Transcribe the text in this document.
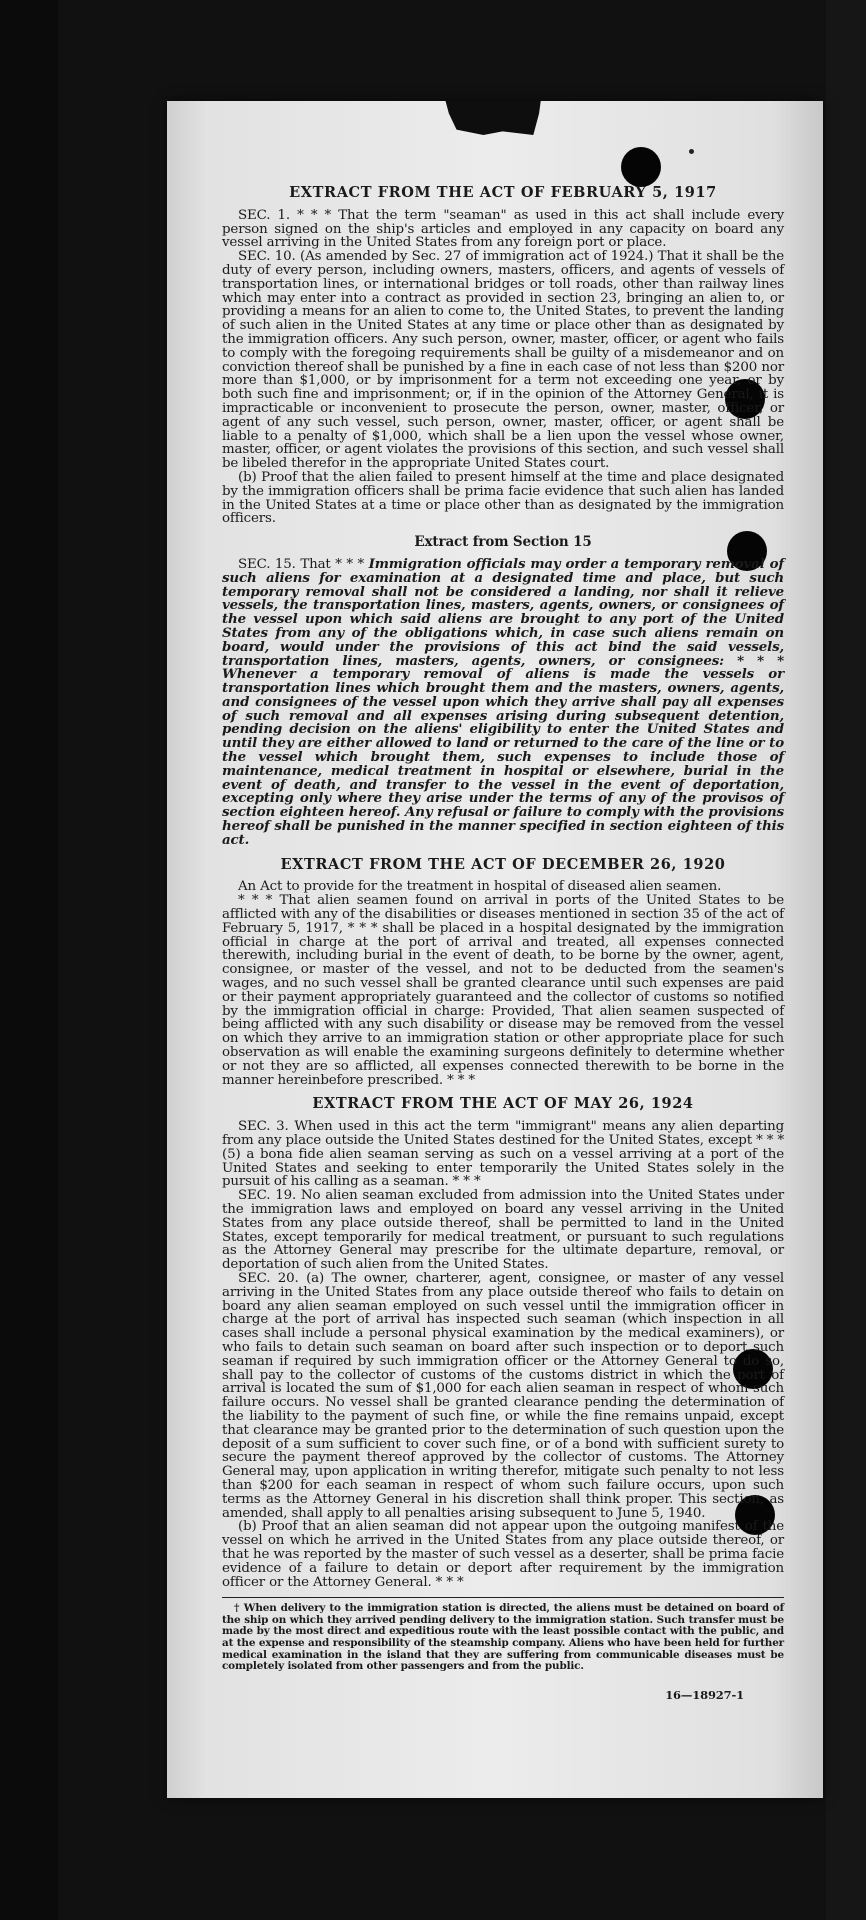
EXTRACT FROM THE ACT OF FEBRUARY 5, 1917

SEC. 1. * * * That the term "seaman" as used in this act shall include every person signed on the ship's articles and employed in any capacity on board any vessel arriving in the United States from any foreign port or place.

SEC. 10. (As amended by Sec. 27 of immigration act of 1924.) That it shall be the duty of every person, including owners, masters, officers, and agents of vessels of transportation lines, or international bridges or toll roads, other than railway lines which may enter into a contract as provided in section 23, bringing an alien to, or providing a means for an alien to come to, the United States, to prevent the landing of such alien in the United States at any time or place other than as designated by the immigration officers. Any such person, owner, master, officer, or agent who fails to comply with the foregoing requirements shall be guilty of a misdemeanor and on conviction thereof shall be punished by a fine in each case of not less than $200 nor more than $1,000, or by imprisonment for a term not exceeding one year, or by both such fine and imprisonment; or, if in the opinion of the Attorney General, it is impracticable or inconvenient to prosecute the person, owner, master, officer, or agent of any such vessel, such person, owner, master, officer, or agent shall be liable to a penalty of $1,000, which shall be a lien upon the vessel whose owner, master, officer, or agent violates the provisions of this section, and such vessel shall be libeled therefor in the appropriate United States court.

(b) Proof that the alien failed to present himself at the time and place designated by the immigration officers shall be prima facie evidence that such alien has landed in the United States at a time or place other than as designated by the immigration officers.

Extract from Section 15

SEC. 15. That * * * Immigration officials may order a temporary removal of such aliens for examination at a designated time and place, but such temporary removal shall not be considered a landing, nor shall it relieve vessels, the transportation lines, masters, agents, owners, or consignees of the vessel upon which said aliens are brought to any port of the United States from any of the obligations which, in case such aliens remain on board, would under the provisions of this act bind the said vessels, transportation lines, masters, agents, owners, or consignees: * * * Whenever a temporary removal of aliens is made the vessels or transportation lines which brought them and the masters, owners, agents, and consignees of the vessel upon which they arrive shall pay all expenses of such removal and all expenses arising during subsequent detention, pending decision on the aliens' eligibility to enter the United States and until they are either allowed to land or returned to the care of the line or to the vessel which brought them, such expenses to include those of maintenance, medical treatment in hospital or elsewhere, burial in the event of death, and transfer to the vessel in the event of deportation, excepting only where they arise under the terms of any of the provisos of section eighteen hereof. Any refusal or failure to comply with the provisions hereof shall be punished in the manner specified in section eighteen of this act.

EXTRACT FROM THE ACT OF DECEMBER 26, 1920

An Act to provide for the treatment in hospital of diseased alien seamen.

* * * That alien seamen found on arrival in ports of the United States to be afflicted with any of the disabilities or diseases mentioned in section 35 of the act of February 5, 1917, * * * shall be placed in a hospital designated by the immigration official in charge at the port of arrival and treated, all expenses connected therewith, including burial in the event of death, to be borne by the owner, agent, consignee, or master of the vessel, and not to be deducted from the seamen's wages, and no such vessel shall be granted clearance until such expenses are paid or their payment appropriately guaranteed and the collector of customs so notified by the immigration official in charge: Provided, That alien seamen suspected of being afflicted with any such disability or disease may be removed from the vessel on which they arrive to an immigration station or other appropriate place for such observation as will enable the examining surgeons definitely to determine whether or not they are so afflicted, all expenses connected therewith to be borne in the manner hereinbefore prescribed. * * *

EXTRACT FROM THE ACT OF MAY 26, 1924

SEC. 3. When used in this act the term "immigrant" means any alien departing from any place outside the United States destined for the United States, except * * * (5) a bona fide alien seaman serving as such on a vessel arriving at a port of the United States and seeking to enter temporarily the United States solely in the pursuit of his calling as a seaman. * * *

SEC. 19. No alien seaman excluded from admission into the United States under the immigration laws and employed on board any vessel arriving in the United States from any place outside thereof, shall be permitted to land in the United States, except temporarily for medical treatment, or pursuant to such regulations as the Attorney General may prescribe for the ultimate departure, removal, or deportation of such alien from the United States.

SEC. 20. (a) The owner, charterer, agent, consignee, or master of any vessel arriving in the United States from any place outside thereof who fails to detain on board any alien seaman employed on such vessel until the immigration officer in charge at the port of arrival has inspected such seaman (which inspection in all cases shall include a personal physical examination by the medical examiners), or who fails to detain such seaman on board after such inspection or to deport such seaman if required by such immigration officer or the Attorney General to do so, shall pay to the collector of customs of the customs district in which the port of arrival is located the sum of $1,000 for each alien seaman in respect of whom such failure occurs. No vessel shall be granted clearance pending the determination of the liability to the payment of such fine, or while the fine remains unpaid, except that clearance may be granted prior to the determination of such question upon the deposit of a sum sufficient to cover such fine, or of a bond with sufficient surety to secure the payment thereof approved by the collector of customs. The Attorney General may, upon application in writing therefor, mitigate such penalty to not less than $200 for each seaman in respect of whom such failure occurs, upon such terms as the Attorney General in his discretion shall think proper. This section, as amended, shall apply to all penalties arising subsequent to June 5, 1940.

(b) Proof that an alien seaman did not appear upon the outgoing manifest of the vessel on which he arrived in the United States from any place outside thereof, or that he was reported by the master of such vessel as a deserter, shall be prima facie evidence of a failure to detain or deport after requirement by the immigration officer or the Attorney General. * * *

† When delivery to the immigration station is directed, the aliens must be detained on board of the ship on which they arrived pending delivery to the immigration station. Such transfer must be made by the most direct and expeditious route with the least possible contact with the public, and at the expense and responsibility of the steamship company. Aliens who have been held for further medical examination in the island that they are suffering from communicable diseases must be completely isolated from other passengers and from the public.

16—18927-1
